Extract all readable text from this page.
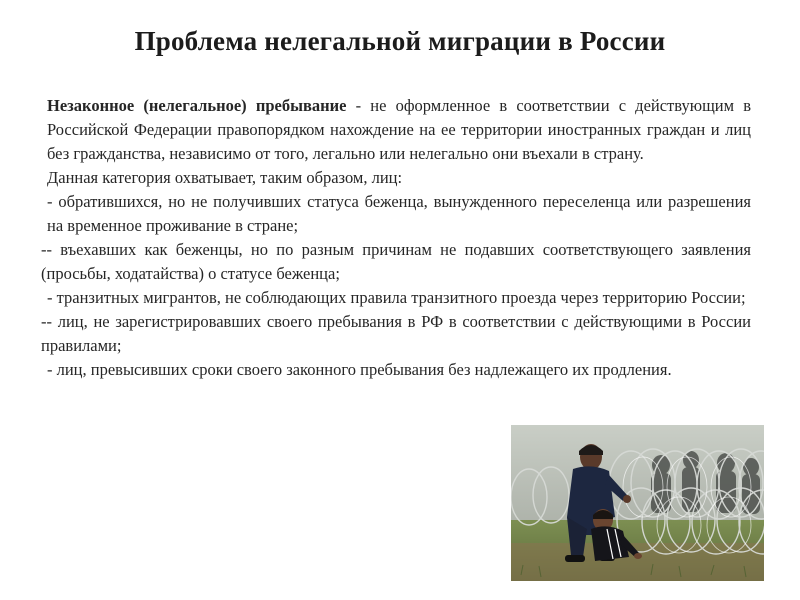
Проблема нелегальной миграции в России

Незаконное (нелегальное) пребывание - не оформленное в соответствии с действующим в Российской Федерации правопорядком нахождение на ее территории иностранных граждан и лиц без гражданства, независимо от того, легально или нелегально они въехали в страну.

Данная категория охватывает, таким образом, лиц:

- обратившихся, но не получивших статуса беженца, вынужденного переселенца или разрешения на временное проживание в стране;

-- въехавших как беженцы, но по разным причинам не подавших соответствующего заявления (просьбы, ходатайства) о статусе беженца;

- транзитных мигрантов, не соблюдающих правила транзитного проезда через территорию России;

-- лиц, не зарегистрировавших своего пребывания в РФ в соответствии с действующими в России правилами;

- лиц, превысивших сроки своего законного пребывания без надлежащего их продления.
